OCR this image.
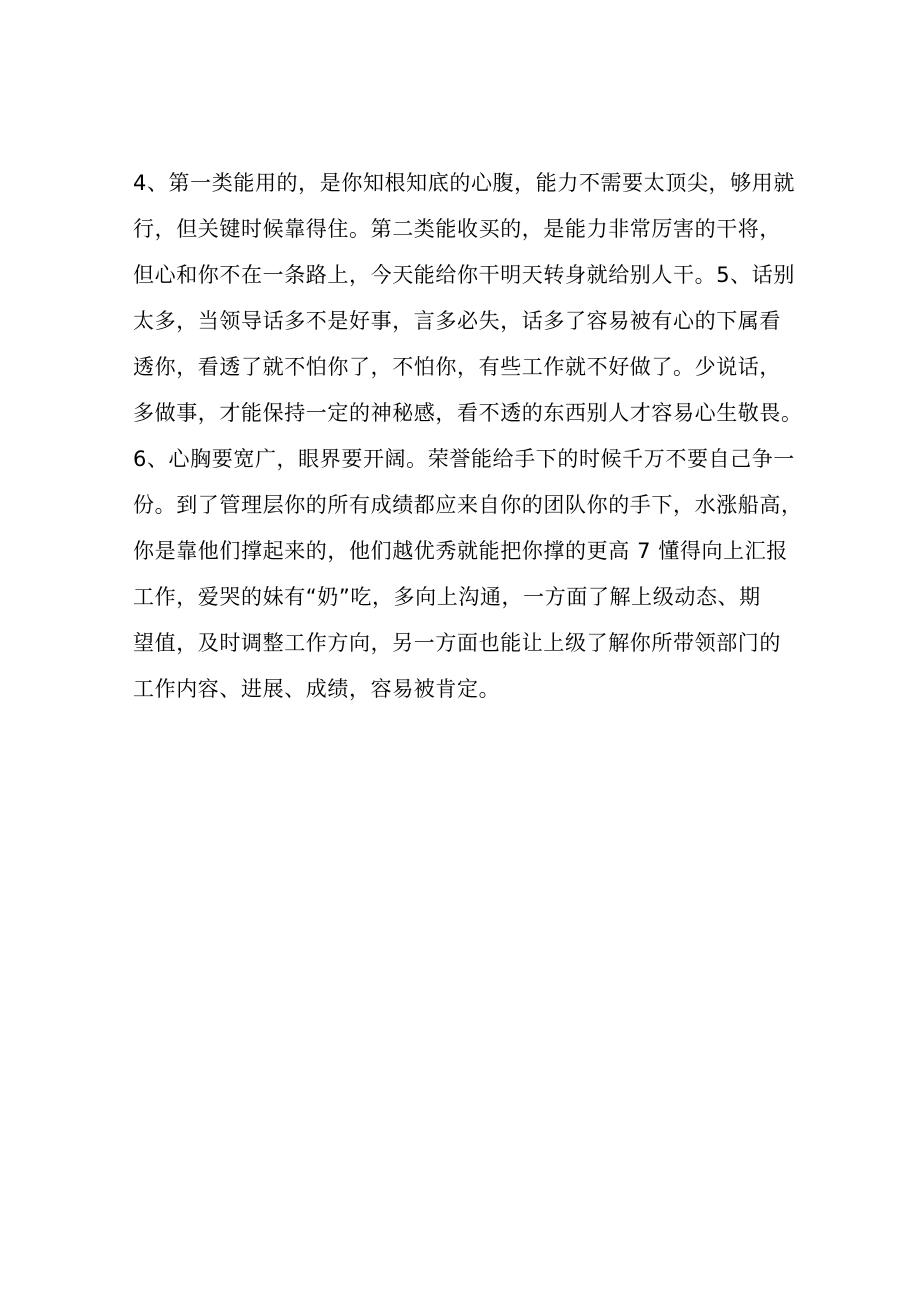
4、第一类能用的，是你知根知底的心腹，能力不需要太顶尖，够用就
行，但关键时候靠得住。第二类能收买的，是能力非常厉害的干将，
但心和你不在一条路上，今天能给你干明天转身就给别人干。5、话别
太多，当领导话多不是好事，言多必失，话多了容易被有心的下属看
透你，看透了就不怕你了，不怕你，有些工作就不好做了。少说话，
多做事，才能保持一定的神秘感，看不透的东西别人才容易心生敬畏。
6、心胸要宽广，眼界要开阔。荣誉能给手下的时候千万不要自己争一
份。到了管理层你的所有成绩都应来自你的团队你的手下，水涨船高，
你是靠他们撑起来的，他们越优秀就能把你撑的更高 7 懂得向上汇报
工作，爱哭的妹有“奶”吃，多向上沟通，一方面了解上级动态、期
望值，及时调整工作方向，另一方面也能让上级了解你所带领部门的
工作内容、进展、成绩，容易被肯定。
